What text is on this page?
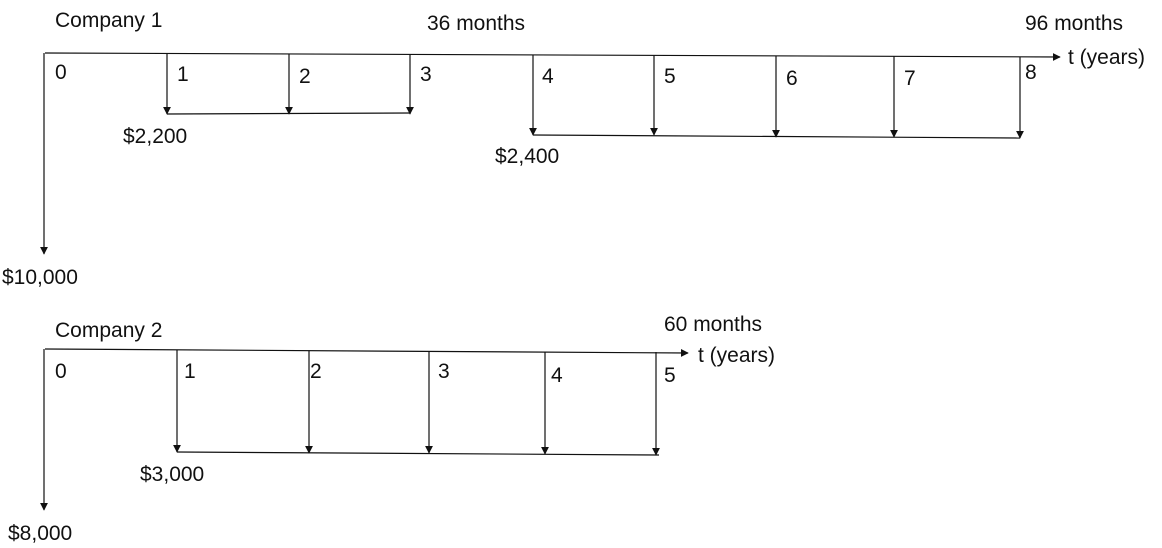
Company 1	36 months	96 months
t (years)
0	1	2	3	4	5	6	7	8
$10,000
$2,200
$2,400
Company 2	60 months
t (years)
0	1	2	3	4	5
$8,000
$3,000
